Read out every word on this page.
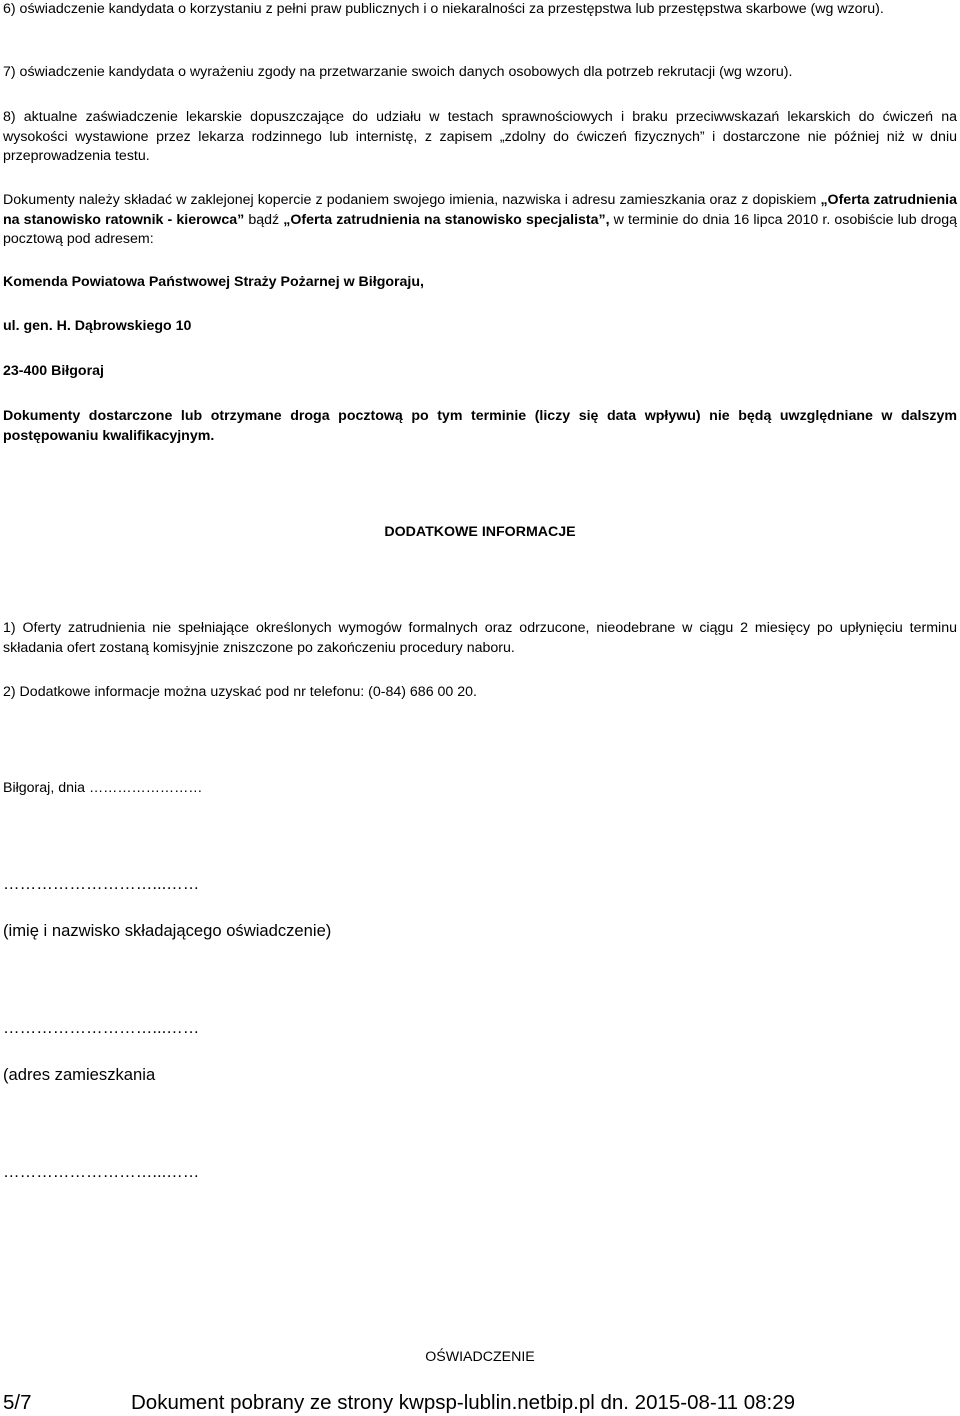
6) oświadczenie kandydata o korzystaniu z pełni praw publicznych i o niekaralności za przestępstwa lub przestępstwa skarbowe (wg wzoru).

7) oświadczenie kandydata o wyrażeniu zgody na przetwarzanie swoich danych osobowych dla potrzeb rekrutacji (wg wzoru).

8) aktualne zaświadczenie lekarskie dopuszczające do udziału w testach sprawnościowych i braku przeciwwskazań lekarskich do ćwiczeń na wysokości wystawione przez lekarza rodzinnego lub internistę, z zapisem „zdolny do ćwiczeń fizycznych” i dostarczone nie później niż w dniu przeprowadzenia testu.

Dokumenty należy składać w zaklejonej kopercie z podaniem swojego imienia, nazwiska i adresu zamieszkania oraz z dopiskiem „Oferta zatrudnienia na stanowisko ratownik - kierowca” bądź „Oferta zatrudnienia na stanowisko specjalista”, w terminie do dnia 16 lipca 2010 r. osobiście lub drogą pocztową pod adresem:

Komenda Powiatowa Państwowej Straży Pożarnej w Biłgoraju,

ul. gen. H. Dąbrowskiego 10

23-400 Biłgoraj

Dokumenty dostarczone lub otrzymane droga pocztową po tym terminie (liczy się data wpływu) nie będą uwzględniane w dalszym postępowaniu kwalifikacyjnym.

DODATKOWE INFORMACJE

1) Oferty zatrudnienia nie spełniające określonych wymogów formalnych oraz odrzucone, nieodebrane w ciągu 2 miesięcy po upłynięciu terminu składania ofert zostaną komisyjnie zniszczone po zakończeniu procedury naboru.

2) Dodatkowe informacje można uzyskać pod nr telefonu: (0-84) 686 00 20.

Biłgoraj, dnia ……………………

………………………...……

(imię i nazwisko składającego oświadczenie)

………………………...……

(adres zamieszkania

………………………...……

OŚWIADCZENIE

5/7	Dokument pobrany ze strony kwpsp-lublin.netbip.pl dn. 2015-08-11 08:29
